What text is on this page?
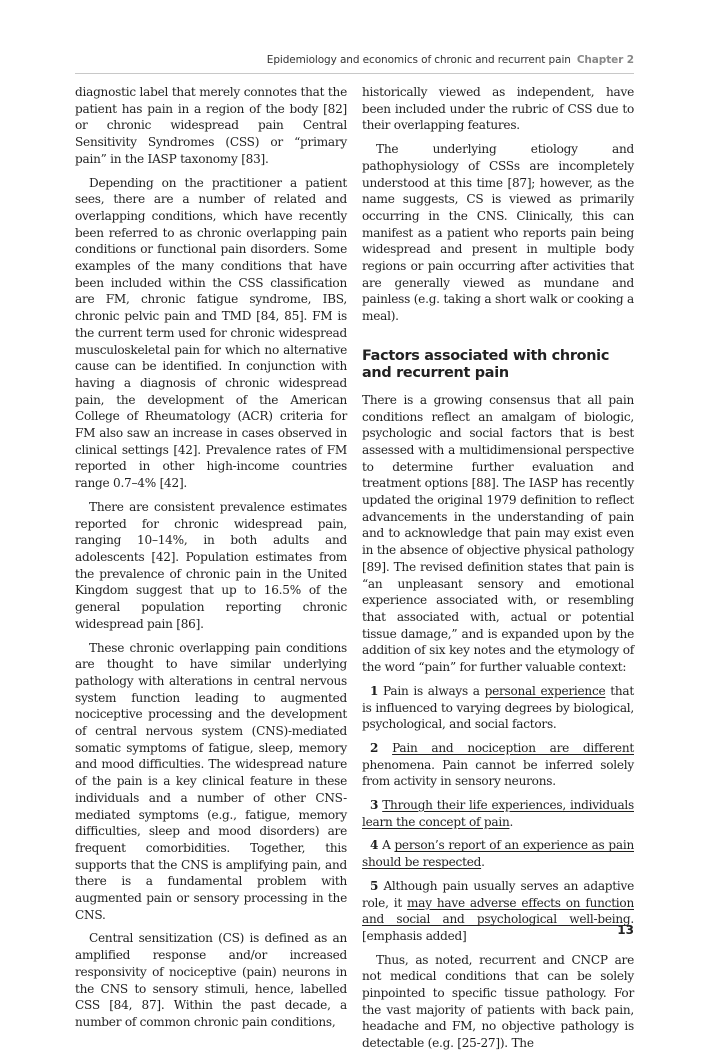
Epidemiology and economics of chronic and recurrent pain Chapter 2

diagnostic label that merely connotes that the patient has pain in a region of the body [82] or chronic widespread pain Central Sensitivity Syndromes (CSS) or “primary pain” in the IASP taxonomy [83].

Depending on the practitioner a patient sees, there are a number of related and overlapping conditions, which have recently been referred to as chronic overlapping pain conditions or functional pain disorders. Some examples of the many conditions that have been included within the CSS classification are FM, chronic fatigue syndrome, IBS, chronic pelvic pain and TMD [84, 85]. FM is the current term used for chronic widespread musculoskeletal pain for which no alternative cause can be identified. In conjunction with having a diagnosis of chronic widespread pain, the development of the American College of Rheumatology (ACR) criteria for FM also saw an increase in cases observed in clinical settings [42]. Prevalence rates of FM reported in other high-income countries range 0.7–4% [42].

There are consistent prevalence estimates reported for chronic widespread pain, ranging 10–14%, in both adults and adolescents [42]. Population estimates from the prevalence of chronic pain in the United Kingdom suggest that up to 16.5% of the general population reporting chronic widespread pain [86].

These chronic overlapping pain conditions are thought to have similar underlying pathology with alterations in central nervous system function leading to augmented nociceptive processing and the development of central nervous system (CNS)-mediated somatic symptoms of fatigue, sleep, memory and mood difficulties. The widespread nature of the pain is a key clinical feature in these individuals and a number of other CNS-mediated symptoms (e.g., fatigue, memory difficulties, sleep and mood disorders) are frequent comorbidities. Together, this supports that the CNS is amplifying pain, and there is a fundamental problem with augmented pain or sensory processing in the CNS.

Central sensitization (CS) is defined as an amplified response and/or increased responsivity of nociceptive (pain) neurons in the CNS to sensory stimuli, hence, labelled CSS [84, 87]. Within the past decade, a number of common chronic pain conditions,

historically viewed as independent, have been included under the rubric of CSS due to their overlapping features.

The underlying etiology and pathophysiology of CSSs are incompletely understood at this time [87]; however, as the name suggests, CS is viewed as primarily occurring in the CNS. Clinically, this can manifest as a patient who reports pain being widespread and present in multiple body regions or pain occurring after activities that are generally viewed as mundane and painless (e.g. taking a short walk or cooking a meal).

Factors associated with chronic and recurrent pain

There is a growing consensus that all pain conditions reflect an amalgam of biologic, psychologic and social factors that is best assessed with a multidimensional perspective to determine further evaluation and treatment options [88]. The IASP has recently updated the original 1979 definition to reflect advancements in the understanding of pain and to acknowledge that pain may exist even in the absence of objective physical pathology [89]. The revised definition states that pain is “an unpleasant sensory and emotional experience associated with, or resembling that associated with, actual or potential tissue damage,” and is expanded upon by the addition of six key notes and the etymology of the word “pain” for further valuable context:

1 Pain is always a personal experience that is influenced to varying degrees by biological, psychological, and social factors.

2 Pain and nociception are different phenomena. Pain cannot be inferred solely from activity in sensory neurons.

3 Through their life experiences, individuals learn the concept of pain.

4 A person’s report of an experience as pain should be respected.

5 Although pain usually serves an adaptive role, it may have adverse effects on function and social and psychological well-being. [emphasis added]

Thus, as noted, recurrent and CNCP are not medical conditions that can be solely pinpointed to specific tissue pathology. For the vast majority of patients with back pain, headache and FM, no objective pathology is detectable (e.g. [25-27]). The

13
